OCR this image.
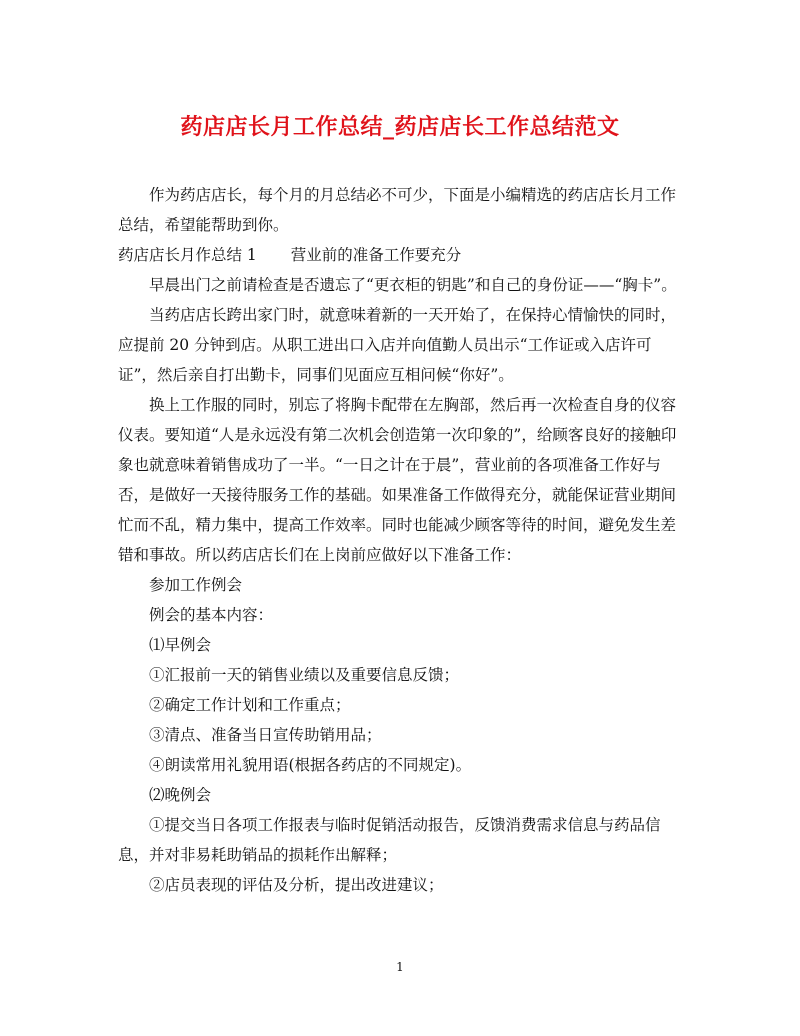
药店店长月工作总结_药店店长工作总结范文

作为药店店长，每个月的月总结必不可少，下面是小编精选的药店店长月工作总结，希望能帮助到你。

药店店长月作总结 1 营业前的准备工作要充分

早晨出门之前请检查是否遗忘了“更衣柜的钥匙”和自己的身份证——“胸卡”。

当药店店长跨出家门时，就意味着新的一天开始了，在保持心情愉快的同时，应提前 20 分钟到店。从职工进出口入店并向值勤人员出示“工作证或入店许可证”，然后亲自打出勤卡，同事们见面应互相问候“你好”。

换上工作服的同时，别忘了将胸卡配带在左胸部，然后再一次检查自身的仪容仪表。要知道“人是永远没有第二次机会创造第一次印象的”，给顾客良好的接触印象也就意味着销售成功了一半。“一日之计在于晨”，营业前的各项准备工作好与否，是做好一天接待服务工作的基础。如果准备工作做得充分，就能保证营业期间忙而不乱，精力集中，提高工作效率。同时也能减少顾客等待的时间，避免发生差错和事故。所以药店店长们在上岗前应做好以下准备工作：

参加工作例会

例会的基本内容：

⑴早例会

①汇报前一天的销售业绩以及重要信息反馈；

②确定工作计划和工作重点；

③清点、准备当日宣传助销用品；

④朗读常用礼貌用语(根据各药店的不同规定)。

⑵晚例会

①提交当日各项工作报表与临时促销活动报告，反馈消费需求信息与药品信息，并对非易耗助销品的损耗作出解释；

②店员表现的评估及分析，提出改进建议；

1
